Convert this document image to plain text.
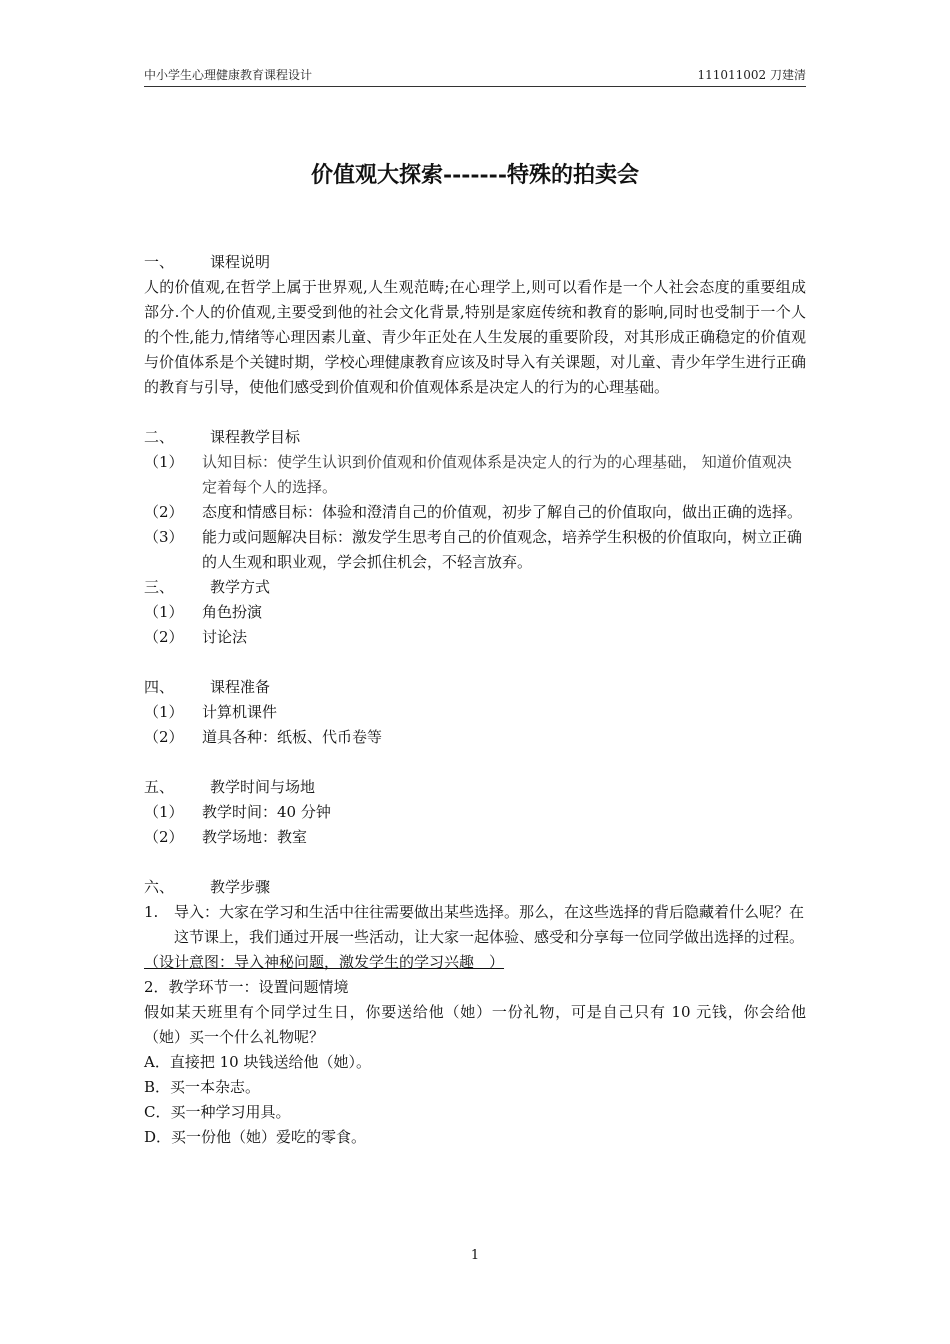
中小学生心理健康教育课程设计	111011002 刀建清
价值观大探索-------特殊的拍卖会
一、	课程说明
人的价值观,在哲学上属于世界观,人生观范畴;在心理学上,则可以看作是一个人社会态度的重要组成部分.个人的价值观,主要受到他的社会文化背景,特别是家庭传统和教育的影响,同时也受制于一个人的个性,能力,情绪等心理因素儿童、青少年正处在人生发展的重要阶段，对其形成正确稳定的价值观与价值体系是个关键时期，学校心理健康教育应该及时导入有关课题，对儿童、青少年学生进行正确的教育与引导，使他们感受到价值观和价值观体系是决定人的行为的心理基础。
二、	课程教学目标
（1）	认知目标：使学生认识到价值观和价值观体系是决定人的行为的心理基础， 知道价值观决定着每个人的选择。
（2）	态度和情感目标：体验和澄清自己的价值观，初步了解自己的价值取向，做出正确的选择。
（3）	能力或问题解决目标：激发学生思考自己的价值观念，培养学生积极的价值取向，树立正确的人生观和职业观，学会抓住机会，不轻言放弃。
三、	教学方式
（1）	角色扮演
（2）	讨论法
四、	课程准备
（1）	计算机课件
（2）	道具各种：纸板、代币卷等
五、	教学时间与场地
（1）	教学时间：40 分钟
（2）	教学场地：教室
六、	教学步骤
1.	导入：大家在学习和生活中往往需要做出某些选择。那么，在这些选择的背后隐藏着什么呢？在这节课上，我们通过开展一些活动，让大家一起体验、感受和分享每一位同学做出选择的过程。
（设计意图：导入神秘问题，激发学生的学习兴趣　）
2．教学环节一：设置问题情境
假如某天班里有个同学过生日，你要送给他（她）一份礼物，可是自己只有 10 元钱，你会给他（她）买一个什么礼物呢？
A．直接把 10 块钱送给他（她）。
B．买一本杂志。
C．买一种学习用具。
D．买一份他（她）爱吃的零食。
1
